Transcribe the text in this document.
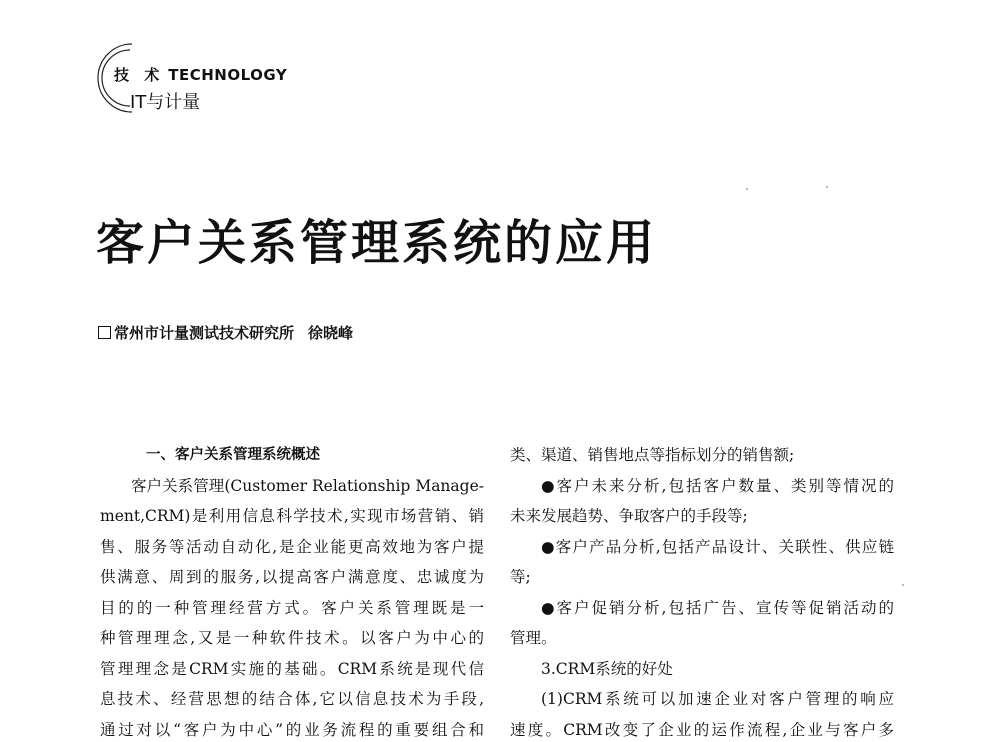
技 术 TECHNOLOGY
IT与计量
客户关系管理系统的应用
常州市计量测试技术研究所 徐晓峰
一、客户关系管理系统概述
客户关系管理(Customer Relationship Manage-
ment,CRM)是利用信息科学技术,实现市场营销、销
售、服务等活动自动化,是企业能更高效地为客户提
供满意、周到的服务,以提高客户满意度、忠诚度为
目的的一种管理经营方式。客户关系管理既是一
种管理理念,又是一种软件技术。以客户为中心的
管理理念是CRM实施的基础。CRM系统是现代信
息技术、经营思想的结合体,它以信息技术为手段,
通过对以“客户为中心”的业务流程的重要组合和
类、渠道、销售地点等指标划分的销售额;
●客户未来分析,包括客户数量、类别等情况的
未来发展趋势、争取客户的手段等;
●客户产品分析,包括产品设计、关联性、供应链
等;
●客户促销分析,包括广告、宣传等促销活动的
管理。
3.CRM系统的好处
(1)CRM系统可以加速企业对客户管理的响应
速度。CRM改变了企业的运作流程,企业与客户多
